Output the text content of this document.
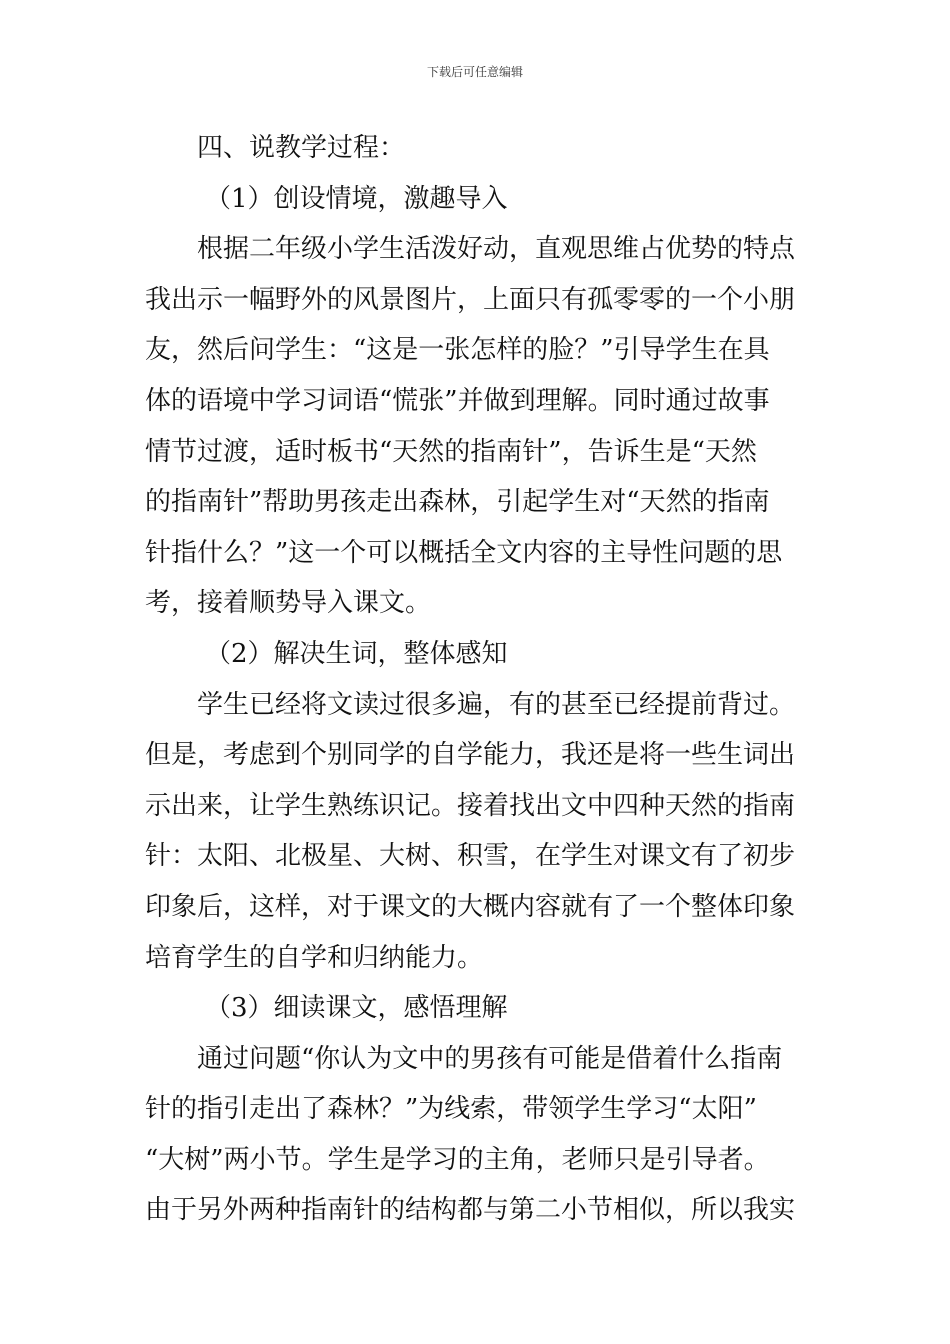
下载后可任意编辑
四、说教学过程：
（1）创设情境，激趣导入
根据二年级小学生活泼好动，直观思维占优势的特点
我出示一幅野外的风景图片，上面只有孤零零的一个小朋
友，然后问学生：“这是一张怎样的脸？”引导学生在具
体的语境中学习词语“慌张”并做到理解。同时通过故事
情节过渡，适时板书“天然的指南针”，告诉生是“天然
的指南针”帮助男孩走出森林，引起学生对“天然的指南
针指什么？”这一个可以概括全文内容的主导性问题的思
考，接着顺势导入课文。
（2）解决生词，整体感知
学生已经将文读过很多遍，有的甚至已经提前背过。
但是，考虑到个别同学的自学能力，我还是将一些生词出
示出来，让学生熟练识记。接着找出文中四种天然的指南
针：太阳、北极星、大树、积雪，在学生对课文有了初步
印象后，这样，对于课文的大概内容就有了一个整体印象
培育学生的自学和归纳能力。
（3）细读课文，感悟理解
通过问题“你认为文中的男孩有可能是借着什么指南
针的指引走出了森林？”为线索，带领学生学习“太阳”
“大树”两小节。学生是学习的主角，老师只是引导者。
由于另外两种指南针的结构都与第二小节相似，所以我实
